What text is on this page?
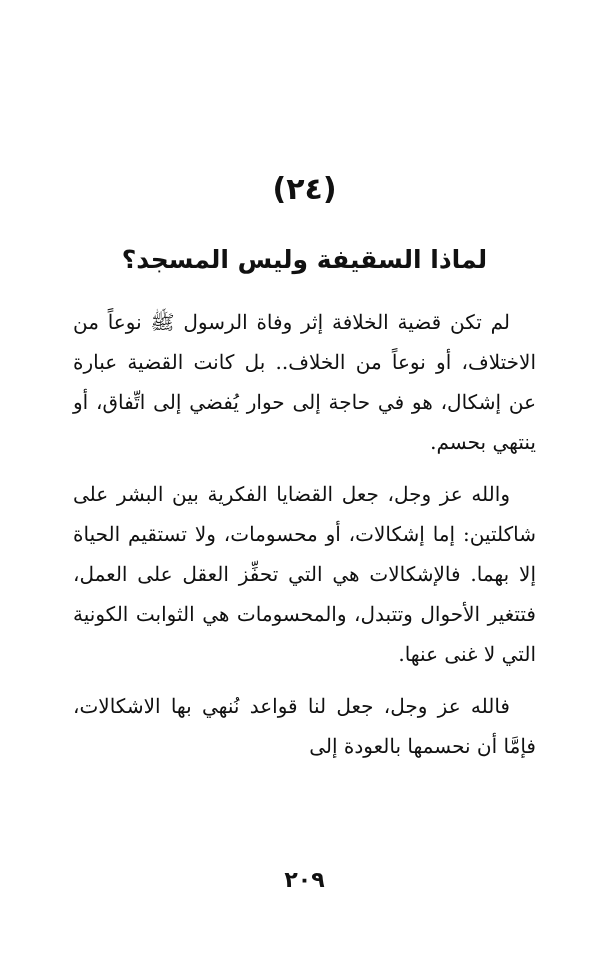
(٢٤)
لماذا السقيفة وليس المسجد؟

لم تكن قضية الخلافة إثر وفاة الرسول ﷺ نوعاً من الاختلاف، أو نوعاً من الخلاف.. بل كانت القضية عبارة عن إشكال، هو في حاجة إلى حوار يُفضي إلى اتِّفاق، أو ينتهي بحسم.

والله عز وجل، جعل القضايا الفكرية بين البشر على شاكلتين: إما إشكالات، أو محسومات، ولا تستقيم الحياة إلا بهما. فالإشكالات هي التي تحفِّز العقل على العمل، فتتغير الأحوال وتتبدل، والمحسومات هي الثوابت الكونية التي لا غنى عنها.

فالله عز وجل، جعل لنا قواعد نُنهي بها الاشكالات، فإمَّا أن نحسمها بالعودة إلى

٢٠٩
